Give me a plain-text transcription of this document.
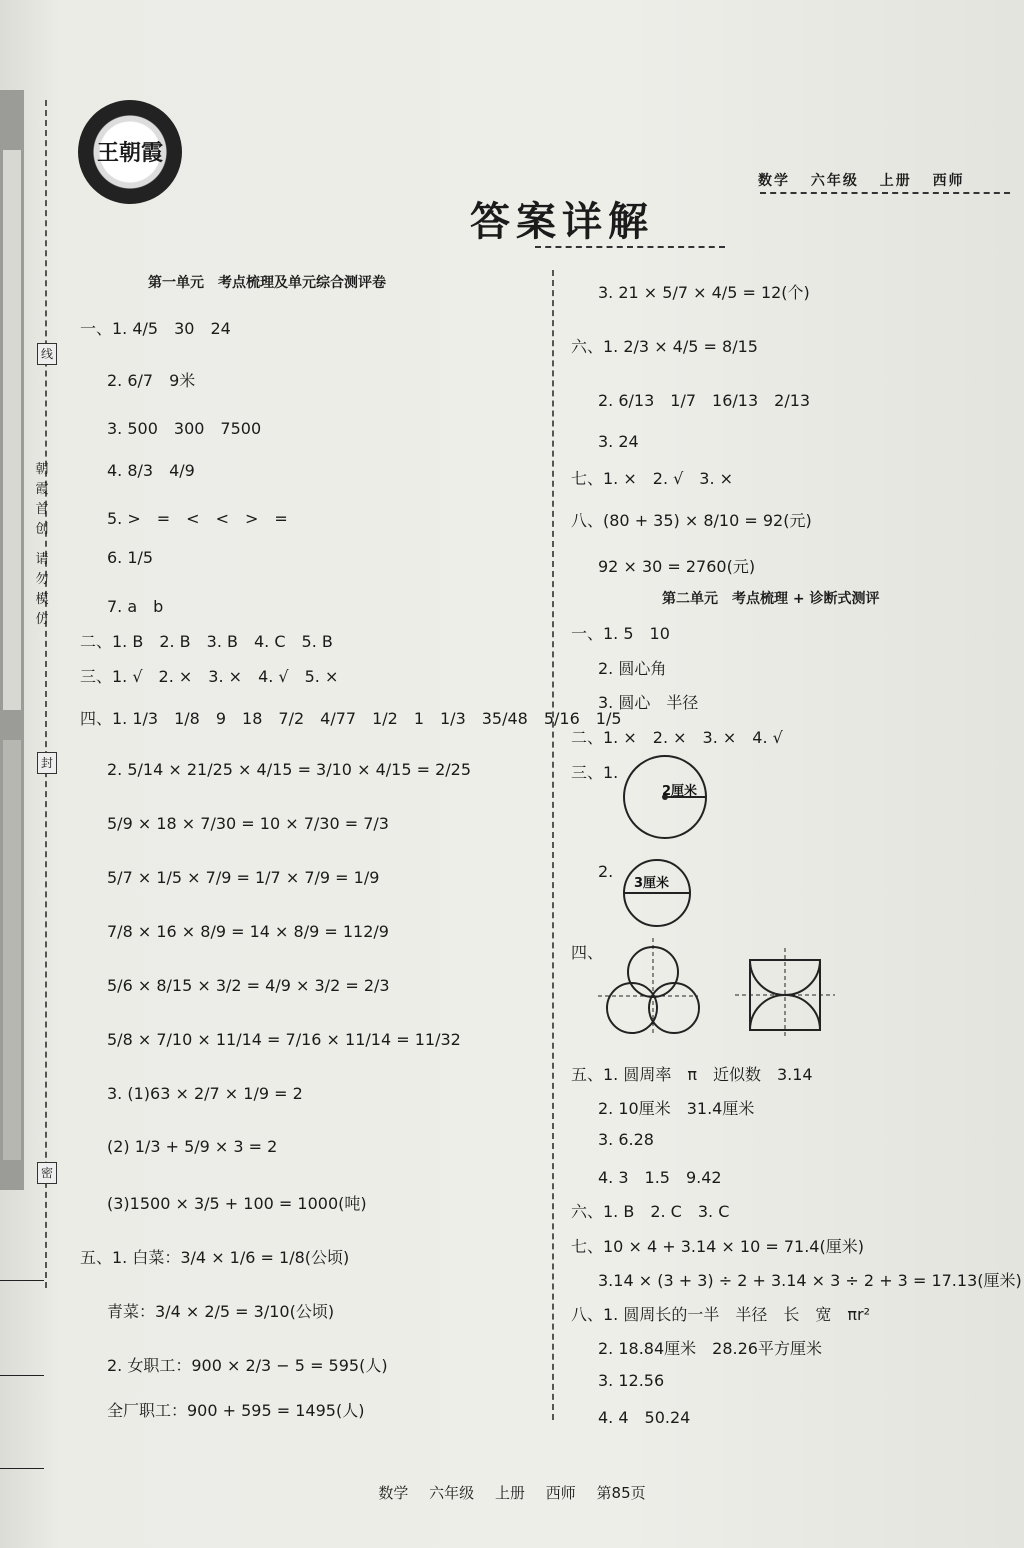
线
封
密
朝霞首创
请勿模仿
王朝霞
答案详解
数学 六年级 上册 西师
第一单元　考点梳理及单元综合测评卷
一、1. 4/5　30　24
2. 6/7　9米
3. 500　300　7500
4. 8/3　4/9
5. >　=　<　<　>　=
6. 1/5
7. a　b
二、1. B　2. B　3. B　4. C　5. B
三、1. √　2. ×　3. ×　4. √　5. ×
四、1. 1/3　1/8　9　18　7/2　4/77　1/2　1　1/3　35/48　5/16　1/5
2. 5/14 × 21/25 × 4/15 = 3/10 × 4/15 = 2/25
5/9 × 18 × 7/30 = 10 × 7/30 = 7/3
5/7 × 1/5 × 7/9 = 1/7 × 7/9 = 1/9
7/8 × 16 × 8/9 = 14 × 8/9 = 112/9
5/6 × 8/15 × 3/2 = 4/9 × 3/2 = 2/3
5/8 × 7/10 × 11/14 = 7/16 × 11/14 = 11/32
3. (1)63 × 2/7 × 1/9 = 2
(2) 1/3 + 5/9 × 3 = 2
(3)1500 × 3/5 + 100 = 1000(吨)
五、1. 白菜：3/4 × 1/6 = 1/8(公顷)
青菜：3/4 × 2/5 = 3/10(公顷)
2. 女职工：900 × 2/3 − 5 = 595(人)
全厂职工：900 + 595 = 1495(人)
3. 21 × 5/7 × 4/5 = 12(个)
六、1. 2/3 × 4/5 = 8/15
2. 6/13　1/7　16/13　2/13
3. 24
七、1. ×　2. √　3. ×
八、(80 + 35) × 8/10 = 92(元)
92 × 30 = 2760(元)
第二单元　考点梳理 + 诊断式测评
一、1. 5　10
2. 圆心角
3. 圆心　半径
二、1. ×　2. ×　3. ×　4. √
三、1.
2厘米
2.
3厘米
四、
五、1. 圆周率　π　近似数　3.14
2. 10厘米　31.4厘米
3. 6.28
4. 3　1.5　9.42
六、1. B　2. C　3. C
七、10 × 4 + 3.14 × 10 = 71.4(厘米)
3.14 × (3 + 3) ÷ 2 + 3.14 × 3 ÷ 2 + 3 = 17.13(厘米)
八、1. 圆周长的一半　半径　长　宽　πr²
2. 18.84厘米　28.26平方厘米
3. 12.56
4. 4　50.24
数学 六年级 上册 西师 第85页
